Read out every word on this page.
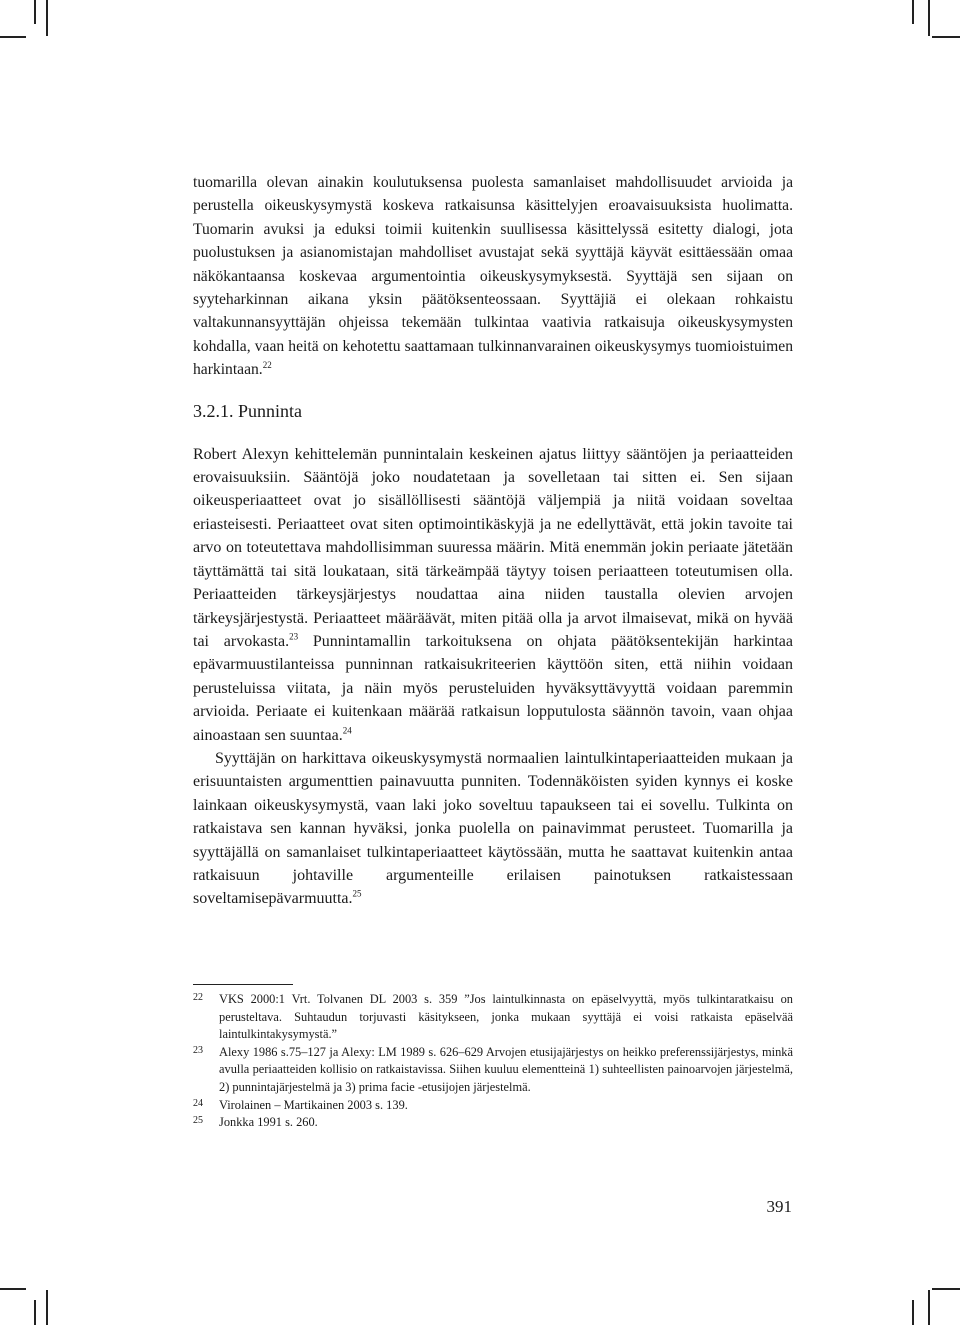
tuomarilla olevan ainakin koulutuksensa puolesta samanlaiset mahdollisuudet arvioida ja perustella oikeuskysymystä koskeva ratkaisunsa käsittelyjen eroavaisuuksista huolimatta. Tuomarin avuksi ja eduksi toimii kuitenkin suullisessa käsittelyssä esitetty dialogi, jota puolustuksen ja asianomistajan mahdolliset avustajat sekä syyttäjä käyvät esittäessään omaa näkökantaansa koskevaa argumentointia oikeuskysymyksestä. Syyttäjä sen sijaan on syyteharkinnan aikana yksin päätöksenteossaan. Syyttäjiä ei olekaan rohkaistu valtakunnansyyttäjän ohjeissa tekemään tulkintaa vaativia ratkaisuja oikeuskysymysten kohdalla, vaan heitä on kehotettu saattamaan tulkinnanvarainen oikeuskysymys tuomioistuimen harkintaan.$^{22}$

3.2.1. Punninta

Robert Alexyn kehittelemän punnintalain keskeinen ajatus liittyy sääntöjen ja periaatteiden erovaisuuksiin. Sääntöjä joko noudatetaan ja sovelletaan tai sitten ei. Sen sijaan oikeusperiaatteet ovat jo sisällöllisesti sääntöjä väljempiä ja niitä voidaan soveltaa eriasteisesti. Periaatteet ovat siten optimointikäskyjä ja ne edellyttävät, että jokin tavoite tai arvo on toteutettava mahdollisimman suuressa määrin. Mitä enemmän jokin periaate jätetään täyttämättä tai sitä loukataan, sitä tärkeämpää täytyy toisen periaatteen toteutumisen olla. Periaatteiden tärkeysjärjestys noudattaa aina niiden taustalla olevien arvojen tärkeysjärjestystä. Periaatteet määräävät, miten pitää olla ja arvot ilmaisevat, mikä on hyvää tai arvokasta.$^{23}$ Punnintamallin tarkoituksena on ohjata päätöksentekijän harkintaa epävarmuustilanteissa punninnan ratkaisukriteerien käyttöön siten, että niihin voidaan perusteluissa viitata, ja näin myös perusteluiden hyväksyttävyyttä voidaan paremmin arvioida. Periaate ei kuitenkaan määrää ratkaisun lopputulosta säännön tavoin, vaan ohjaa ainoastaan sen suuntaa.$^{24}$

Syyttäjän on harkittava oikeuskysymystä normaalien laintulkintaperiaatteiden mukaan ja erisuuntaisten argumenttien painavuutta punniten. Todennäköisten syiden kynnys ei koske lainkaan oikeuskysymystä, vaan laki joko soveltuu tapaukseen tai ei sovellu. Tulkinta on ratkaistava sen kannan hyväksi, jonka puolella on painavimmat perusteet. Tuomarilla ja syyttäjällä on samanlaiset tulkintaperiaatteet käytössään, mutta he saattavat kuitenkin antaa ratkaisuun johtaville argumenteille erilaisen painotuksen ratkaistessaan soveltamisepävarmuutta.$^{25}$

22	VKS 2000:1 Vrt. Tolvanen DL 2003 s. 359 ”Jos laintulkinnasta on epäselvyyttä, myös tulkintaratkaisu on perusteltava. Suhtaudun torjuvasti käsitykseen, jonka mukaan syyttäjä ei voisi ratkaista epäselvää laintulkintakysymystä.”
23	Alexy 1986 s.75–127 ja Alexy: LM 1989 s. 626–629 Arvojen etusijajärjestys on heikko preferenssijärjestys, minkä avulla periaatteiden kollisio on ratkaistavissa. Siihen kuuluu elementteinä 1) suhteellisten painoarvojen järjestelmä, 2) punnintajärjestelmä ja 3) prima facie -etusijojen järjestelmä.
24	Virolainen – Martikainen 2003 s. 139.
25	Jonkka 1991 s. 260.
391
